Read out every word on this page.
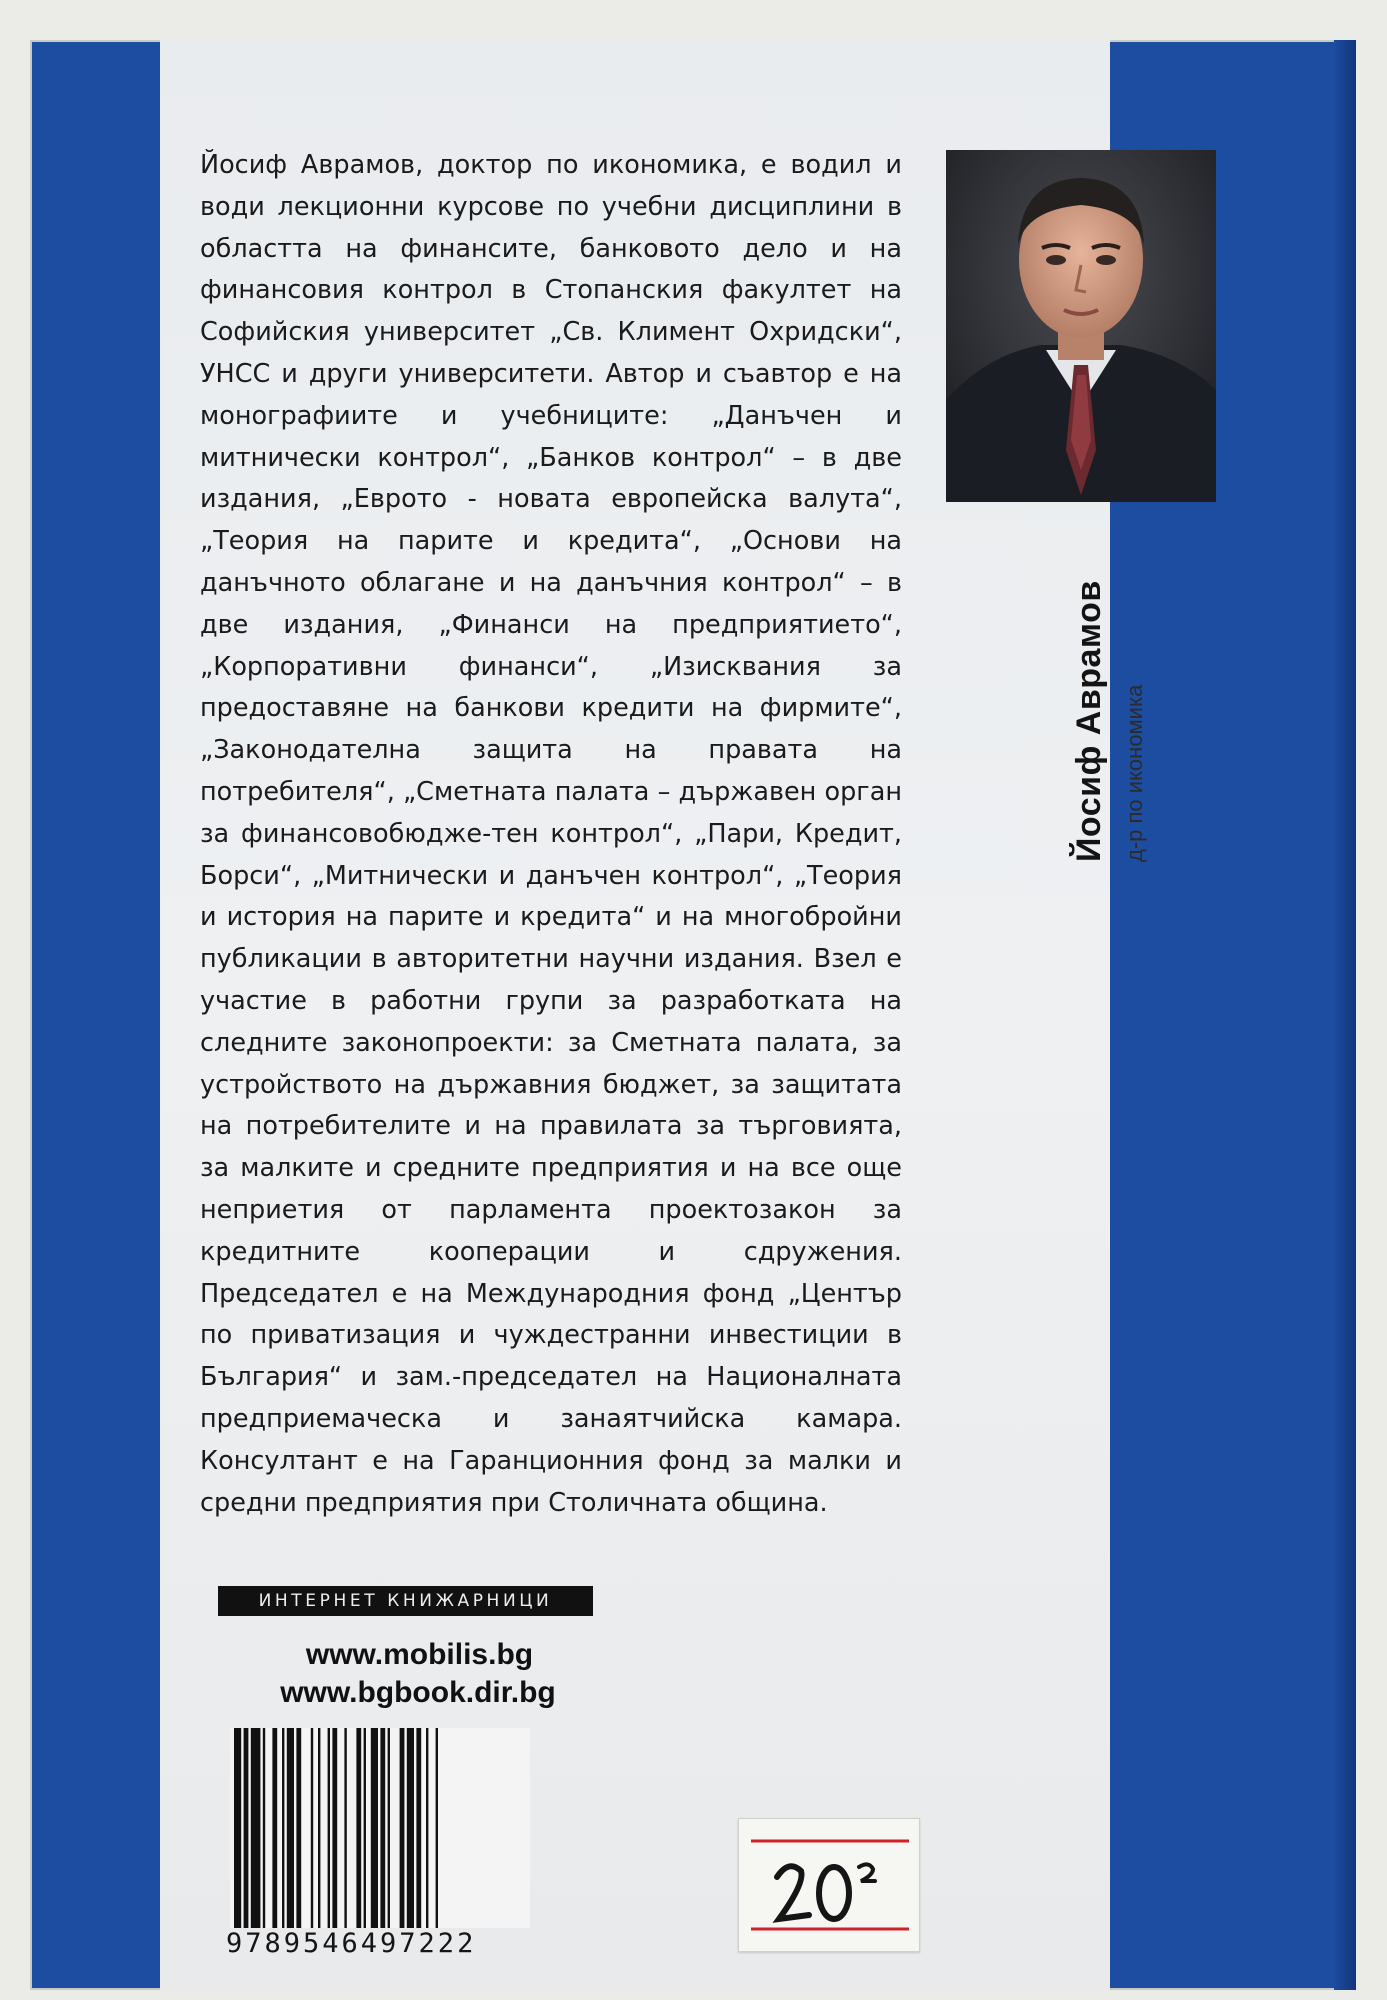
Йосиф Аврамов, доктор по икономика, е водил и води лекционни курсове по учебни дисциплини в областта на финансите, банковото дело и на финансовия контрол в Стопанския факултет на Софийския университет „Св. Климент Охридски“, УНСС и други университети. Автор и съавтор е на монографиите и учебниците: „Данъчен и митнически контрол“, „Банков контрол“ – в две издания, „Еврото - новата европейска валута“, „Теория на парите и кредита“, „Основи на данъчното облагане и на данъчния контрол“ – в две издания, „Финанси на предприятието“, „Корпоративни финанси“, „Изисквания за предоставяне на банкови кредити на фирмите“, „Законодателна защита на правата на потребителя“, „Сметната палата – държавен орган за финансовобюдже-тен контрол“, „Пари, Кредит, Борси“, „Митнически и данъчен контрол“, „Теория и история на парите и кредита“ и на многобройни публикации в авторитетни научни издания. Взел е участие в работни групи за разработката на следните законопроекти: за Сметната палата, за устройството на държавния бюджет, за защитата на потребителите и на правилата за търговията, за малките и средните предприятия и на все още неприетия от парламента проектозакон за кредитните кооперации и сдружения. Председател е на Международния фонд „Център по приватизация и чуждестранни инвестиции в България“ и зам.-председател на Националната предприемаческа и занаятчийска камара. Консултант е на Гаранционния фонд за малки и средни предприятия при Столичната община.

Йосиф Аврамов д-р по икономика
ИНТЕРНЕТ КНИЖАРНИЦИ
www.mobilis.bg
www.bgbook.dir.bg
9789546497222
